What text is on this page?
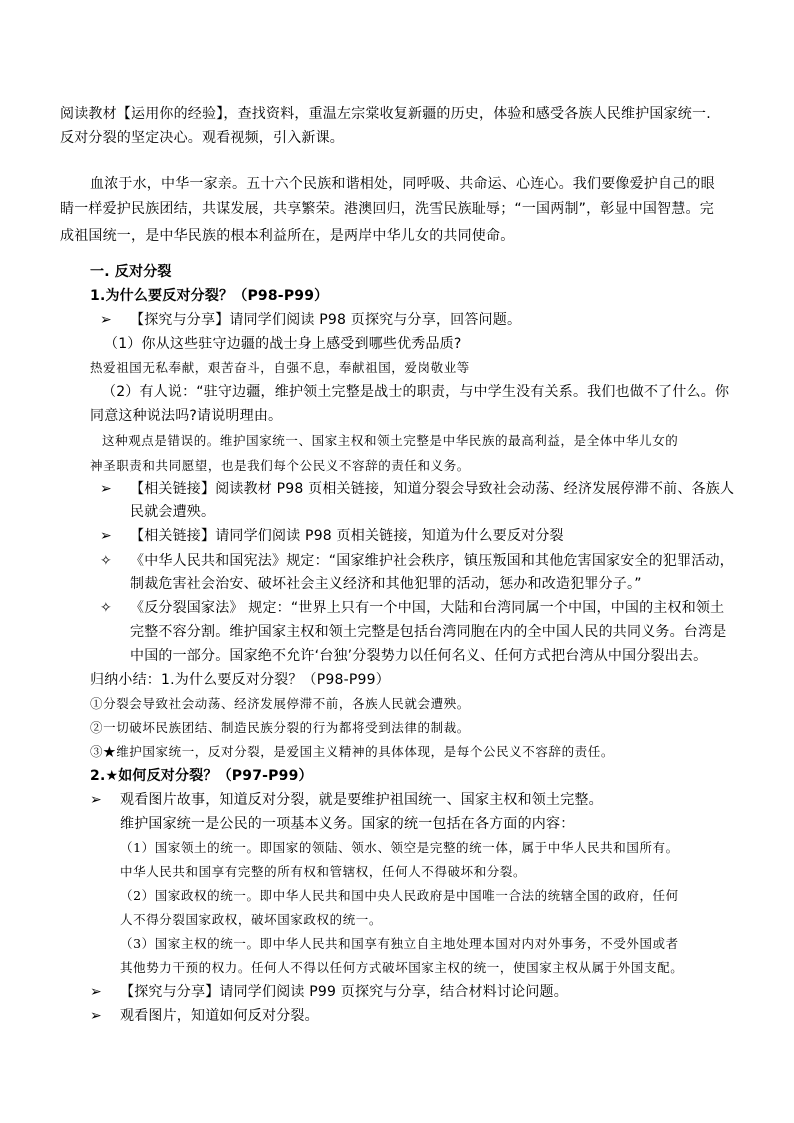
阅读教材【运用你的经验】，查找资料，重温左宗棠收复新疆的历史，体验和感受各族人民维护国家统一.
反对分裂的坚定决心。观看视频，引入新课。
血浓于水，中华一家亲。五十六个民族和谐相处，同呼吸、共命运、心连心。我们要像爱护自己的眼
睛一样爱护民族团结，共谋发展，共享繁荣。港澳回归，洗雪民族耻辱；“一国两制”，彰显中国智慧。完
成祖国统一，是中华民族的根本利益所在，是两岸中华儿女的共同使命。
一. 反对分裂
1.为什么要反对分裂？（P98-P99）
➢ 【探究与分享】请同学们阅读 P98 页探究与分享，回答问题。
（1）你从这些驻守边疆的战士身上感受到哪些优秀品质?
热爱祖国无私奉献，艰苦奋斗，自强不息，奉献祖国，爱岗敬业等
（2）有人说：“驻守边疆，维护领土完整是战士的职责，与中学生没有关系。我们也做不了什么。你
同意这种说法吗?请说明理由。
这种观点是错误的。维护国家统一、国家主权和领土完整是中华民族的最高利益，是全体中华儿女的
神圣职责和共同愿望，也是我们每个公民义不容辞的责任和义务。
➢ 【相关链接】阅读教材 P98 页相关链接，知道分裂会导致社会动荡、经济发展停滞不前、各族人
民就会遭殃。
➢ 【相关链接】请同学们阅读 P98 页相关链接，知道为什么要反对分裂
✧ 《中华人民共和国宪法》规定：“国家维护社会秩序，镇压叛国和其他危害国家安全的犯罪活动，
制裁危害社会治安、破坏社会主义经济和其他犯罪的活动，惩办和改造犯罪分子。”
✧ 《反分裂国家法》 规定：“世界上只有一个中国，大陆和台湾同属一个中国，中国的主权和领土
完整不容分割。维护国家主权和领土完整是包括台湾同胞在内的全中国人民的共同义务。台湾是
中国的一部分。国家绝不允许‘台独’分裂势力以任何名义、任何方式把台湾从中国分裂出去。
归纳小结：1.为什么要反对分裂？（P98-P99）
①分裂会导致社会动荡、经济发展停滞不前，各族人民就会遭殃。
②一切破坏民族团结、制造民族分裂的行为都将受到法律的制裁。
③★维护国家统一，反对分裂，是爱国主义精神的具体体现，是每个公民义不容辞的责任。
2.★如何反对分裂？（P97-P99）
➢ 观看图片故事，知道反对分裂，就是要维护祖国统一、国家主权和领土完整。
维护国家统一是公民的一项基本义务。国家的统一包括在各方面的内容：
（1）国家领土的统一。即国家的领陆、领水、领空是完整的统一体，属于中华人民共和国所有。
中华人民共和国享有完整的所有权和管辖权，任何人不得破坏和分裂。
（2）国家政权的统一。即中华人民共和国中央人民政府是中国唯一合法的统辖全国的政府，任何
人不得分裂国家政权，破坏国家政权的统一。
（3）国家主权的统一。即中华人民共和国享有独立自主地处理本国对内对外事务，不受外国或者
其他势力干预的权力。任何人不得以任何方式破坏国家主权的统一，使国家主权从属于外国支配。
➢ 【探究与分享】请同学们阅读 P99 页探究与分享，结合材料讨论问题。
➢ 观看图片，知道如何反对分裂。
